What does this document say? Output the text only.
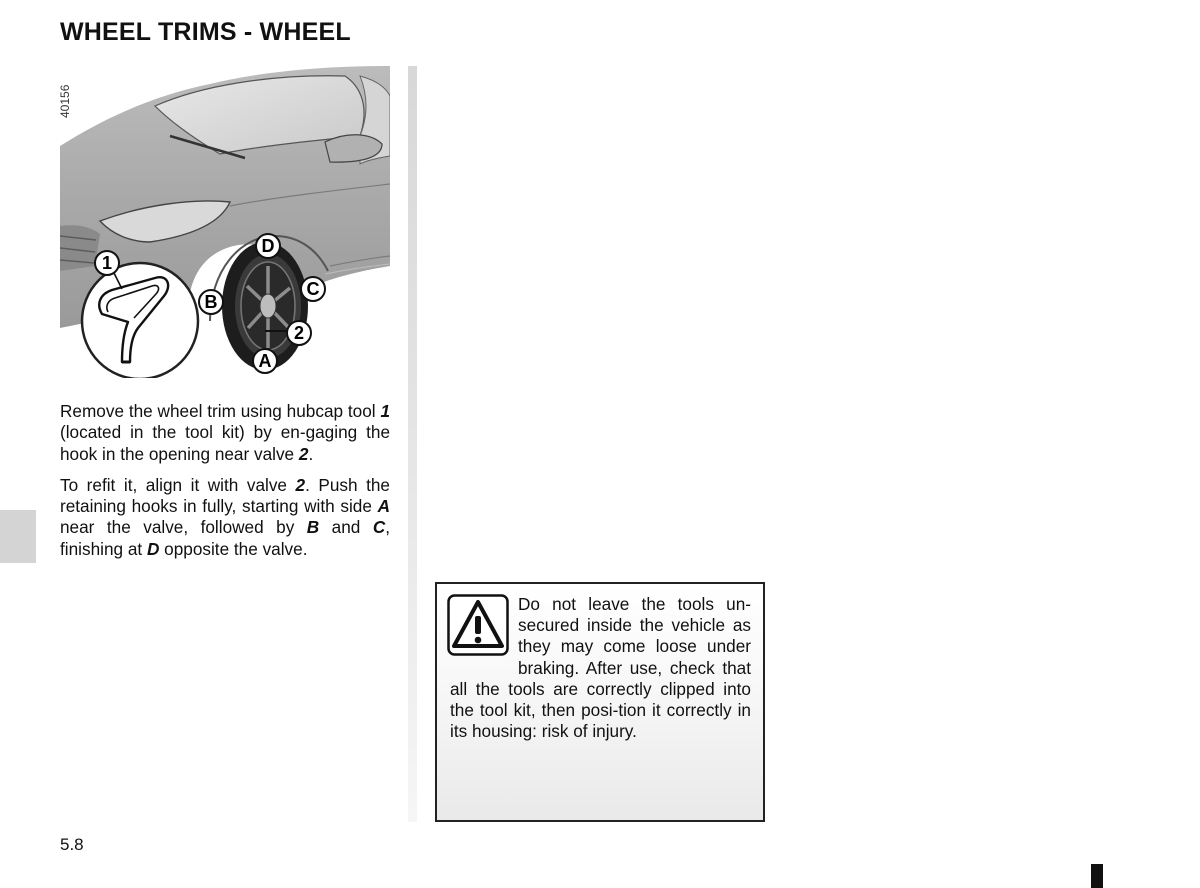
WHEEL TRIMS - WHEEL
1
D
B
C
2
A
40156

Remove the wheel trim using hubcap tool 1 (located in the tool kit) by en-gaging the hook in the opening near valve 2.

To refit it, align it with valve 2. Push the retaining hooks in fully, starting with side A near the valve, followed by B and C, finishing at D opposite the valve.

Do not leave the tools un-secured inside the vehicle as they may come loose under braking. After use, check that all the tools are correctly clipped into the tool kit, then posi-tion it correctly in its housing: risk of injury.

5.8
